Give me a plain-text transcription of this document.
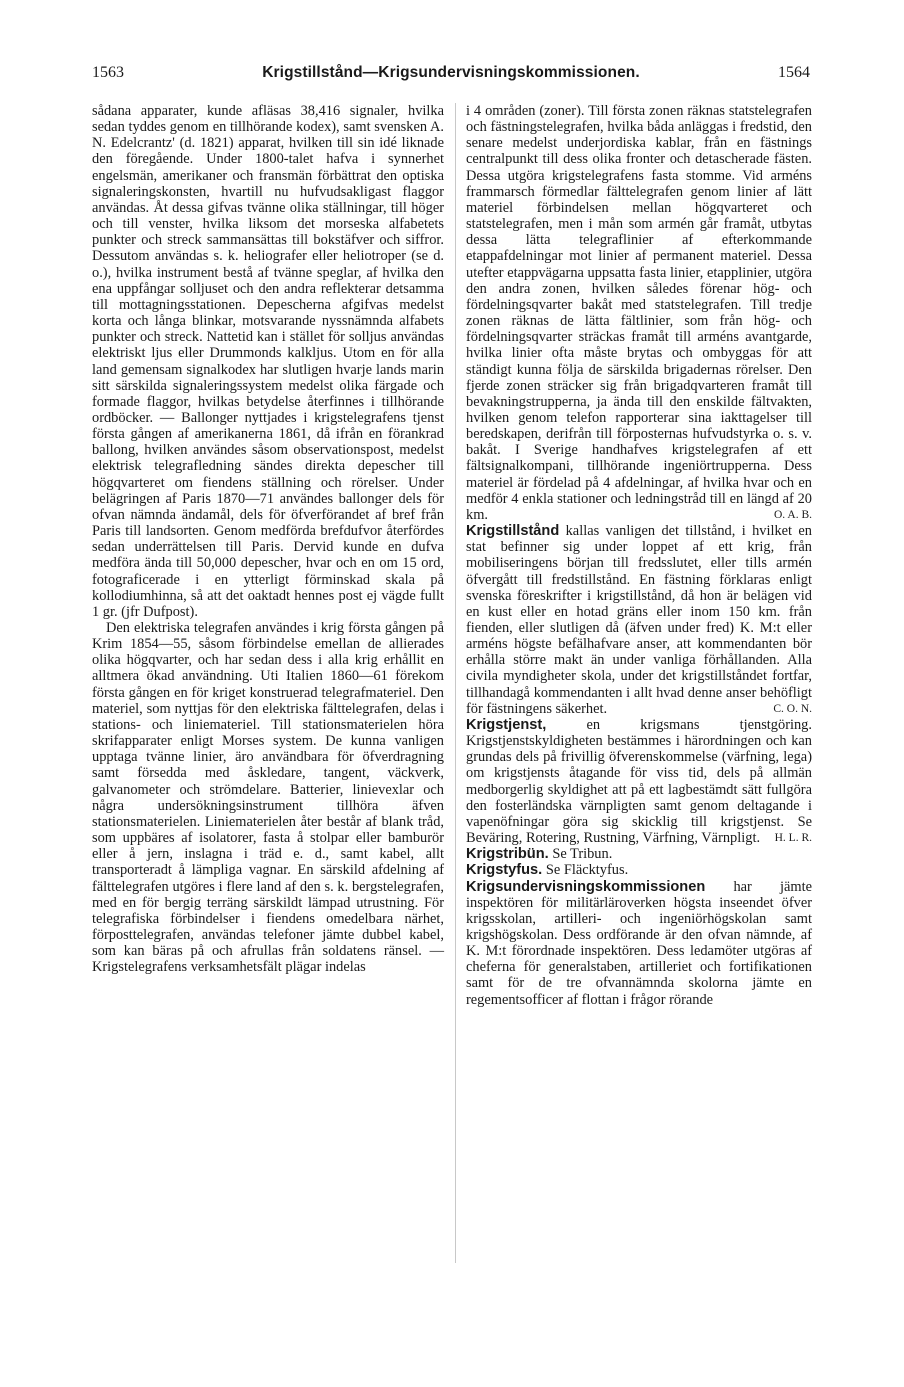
1563	Krigstillstånd—Krigsundervisningskommissionen.	1564

sådana apparater, kunde afläsas 38,416 signaler, hvilka sedan tyddes genom en tillhörande kodex), samt svensken A. N. Edelcrantz' (d. 1821) apparat, hvilken till sin idé liknade den föregående. Under 1800-talet hafva i synnerhet engelsmän, amerikaner och fransmän förbättrat den optiska signaleringskonsten, hvartill nu hufvudsakligast flaggor användas. Åt dessa gifvas tvänne olika ställningar, till höger och till venster, hvilka liksom det morseska alfabetets punkter och streck sammansättas till bokstäfver och siffror. Dessutom användas s. k. heliografer eller heliotroper (se d. o.), hvilka instrument bestå af tvänne speglar, af hvilka den ena uppfångar solljuset och den andra reflekterar detsamma till mottagningsstationen. Depescherna afgifvas medelst korta och långa blinkar, motsvarande nyssnämnda alfabets punkter och streck. Nattetid kan i stället för solljus användas elektriskt ljus eller Drummonds kalkljus. Utom en för alla land gemensam signalkodex har slutligen hvarje lands marin sitt särskilda signaleringssystem medelst olika färgade och formade flaggor, hvilkas betydelse återfinnes i tillhörande ordböcker. — Ballonger nyttjades i krigstelegrafens tjenst första gången af amerikanerna 1861, då ifrån en förankrad ballong, hvilken användes såsom observationspost, medelst elektrisk telegrafledning sändes direkta depescher till högqvarteret om fiendens ställning och rörelser. Under belägringen af Paris 1870—71 användes ballonger dels för ofvan nämnda ändamål, dels för öfverförandet af bref från Paris till landsorten. Genom medförda brefdufvor återfördes sedan underrättelsen till Paris. Dervid kunde en dufva medföra ända till 50,000 depescher, hvar och en om 15 ord, fotograficerade i en ytterligt förminskad skala på kollodiumhinna, så att det oaktadt hennes post ej vägde fullt 1 gr. (jfr Dufpost).

Den elektriska telegrafen användes i krig första gången på Krim 1854—55, såsom förbindelse emellan de allierades olika högqvarter, och har sedan dess i alla krig erhållit en alltmera ökad användning. Uti Italien 1860—61 förekom första gången en för kriget konstruerad telegrafmateriel. Den materiel, som nyttjas för den elektriska fälttelegrafen, delas i stations- och liniemateriel. Till stationsmaterielen höra skrifapparater enligt Morses system. De kunna vanligen upptaga tvänne linier, äro användbara för öfverdragning samt försedda med åskledare, tangent, väckverk, galvanometer och strömdelare. Batterier, linievexlar och några undersökningsinstrument tillhöra äfven stationsmaterielen. Liniematerielen åter består af blank tråd, som uppbäres af isolatorer, fasta å stolpar eller bamburör eller å jern, inslagna i träd e. d., samt kabel, allt transporteradt å lämpliga vagnar. En särskild afdelning af fälttelegrafen utgöres i flere land af den s. k. bergstelegrafen, med en för bergig terräng särskildt lämpad utrustning. För telegrafiska förbindelser i fiendens omedelbara närhet, förposttelegrafen, användas telefoner jämte dubbel kabel, som kan bäras på och afrullas från soldatens ränsel. — Krigstelegrafens verksamhetsfält plägar indelas

i 4 områden (zoner). Till första zonen räknas statstelegrafen och fästningstelegrafen, hvilka båda anläggas i fredstid, den senare medelst underjordiska kablar, från en fästnings centralpunkt till dess olika fronter och detascherade fästen. Dessa utgöra krigstelegrafens fasta stomme. Vid arméns frammarsch förmedlar fälttelegrafen genom linier af lätt materiel förbindelsen mellan högqvarteret och statstelegrafen, men i mån som armén går framåt, utbytas dessa lätta telegraflinier af efterkommande etappafdelningar mot linier af permanent materiel. Dessa utefter etappvägarna uppsatta fasta linier, etapplinier, utgöra den andra zonen, hvilken således förenar hög- och fördelningsqvarter bakåt med statstelegrafen. Till tredje zonen räknas de lätta fältlinier, som från hög- och fördelningsqvarter sträckas framåt till arméns avantgarde, hvilka linier ofta måste brytas och ombyggas för att ständigt kunna följa de särskilda brigadernas rörelser. Den fjerde zonen sträcker sig från brigadqvarteren framåt till bevakningstrupperna, ja ända till den enskilde fältvakten, hvilken genom telefon rapporterar sina iakttagelser till beredskapen, derifrån till förposternas hufvudstyrka o. s. v. bakåt. I Sverige handhafves krigstelegrafen af ett fältsignalkompani, tillhörande ingeniörtrupperna. Dess materiel är fördelad på 4 afdelningar, af hvilka hvar och en medför 4 enkla stationer och ledningstråd till en längd af 20 km.	O. A. B.

Krigstillstånd kallas vanligen det tillstånd, i hvilket en stat befinner sig under loppet af ett krig, från mobiliseringens början till fredsslutet, eller tills armén öfvergått till fredstillstånd. En fästning förklaras enligt svenska föreskrifter i krigstillstånd, då hon är belägen vid en kust eller en hotad gräns eller inom 150 km. från fienden, eller slutligen då (äfven under fred) K. M:t eller arméns högste befälhafvare anser, att kommendanten bör erhålla större makt än under vanliga förhållanden. Alla civila myndigheter skola, under det krigstillståndet fortfar, tillhandagå kommendanten i allt hvad denne anser behöfligt för fästningens säkerhet.	C. O. N.

Krigstjenst,	en krigsmans tjenstgöring. Krigstjenstskyldigheten bestämmes i härordningen och kan grundas dels på frivillig öfverenskommelse (värfning, lega) om krigstjensts åtagande för viss tid, dels på allmän medborgerlig skyldighet att på ett lagbestämdt sätt fullgöra den fosterländska värnpligten samt genom deltagande i vapenöfningar göra sig skicklig till krigstjenst. Se Beväring, Rotering, Rustning, Värfning, Värnpligt. H. L. R.

Krigstribün. Se Tribun.

Krigstyfus. Se Fläcktyfus.

Krigsundervisningskommissionen har jämte inspektören för militärläroverken högsta inseendet öfver krigsskolan, artilleri- och ingeniörhögskolan samt krigshögskolan. Dess ordförande är den ofvan nämnde, af K. M:t förordnade inspektören. Dess ledamöter utgöras af cheferna för generalstaben, artilleriet och fortifikationen samt för de tre ofvannämnda skolorna jämte en regementsofficer af flottan i frågor rörande
